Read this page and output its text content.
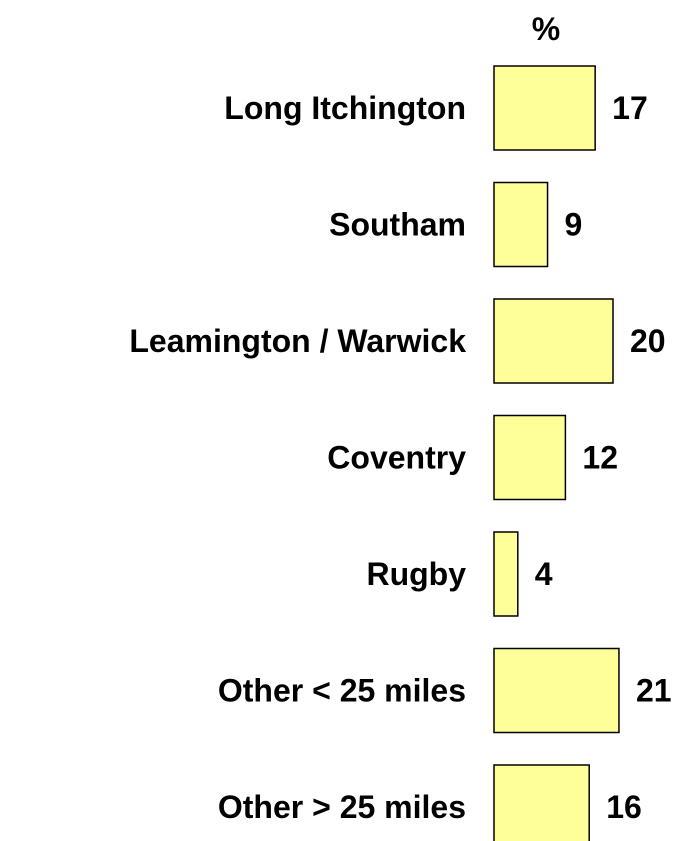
%
Long Itchington	17
Southam	9
Leamington / Warwick	20
Coventry	12
Rugby 4
Other < 25 miles	21
Other > 25 miles	16
